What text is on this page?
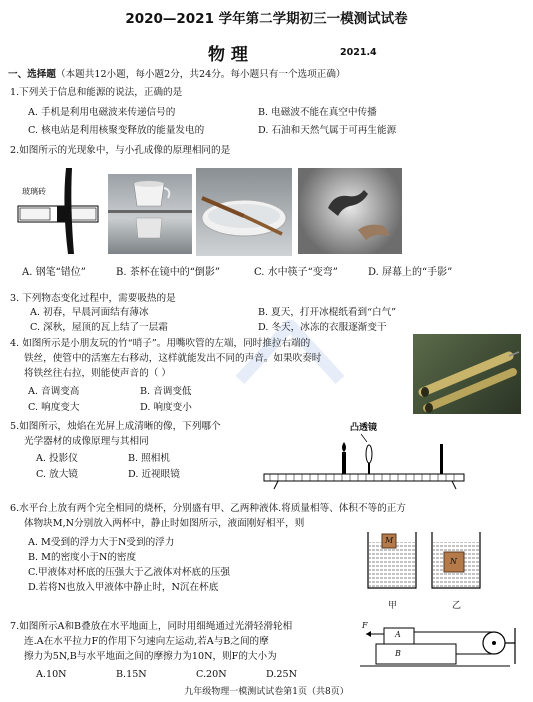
2020—2021 学年第二学期初三一模测试试卷
物 理	2021.4
一、选择题（本题共12小题，每小题2分，共24分。每小题只有一个选项正确）
1.下列关于信息和能源的说法，正确的是
A. 手机是利用电磁波来传递信号的	B. 电磁波不能在真空中传播
C. 核电站是利用核聚变释放的能量发电的	D. 石油和天然气属于可再生能源
2.如图所示的光现象中，与小孔成像的原理相同的是
玻璃砖
A. 钢笔“错位”	B. 茶杯在镜中的“倒影”	C. 水中筷子“变弯”	D. 屏幕上的“手影”
3. 下列物态变化过程中，需要吸热的是
A. 初春，早晨河面结有薄冰	B. 夏天，打开冰棍纸看到“白气”
C. 深秋，屋顶的瓦上结了一层霜	D. 冬天，冰冻的衣服逐渐变干
4. 如图所示是小朋友玩的竹“哨子”。用嘴吹管的左端，同时推拉右端的
铁丝，使管中的活塞左右移动，这样就能发出不同的声音。如果吹奏时
将铁丝往右拉，则能使声音的（ ）
A. 音调变高	B. 音调变低
C. 响度变大	D. 响度变小
5.如图所示，烛焰在光屏上成清晰的像，下列哪个
光学器材的成像原理与其相同
A. 投影仪	B. 照相机
C. 放大镜	D. 近视眼镜
凸透镜
6.水平台上放有两个完全相同的烧杯，分别盛有甲、乙两种液体.将质量相等、体积不等的正方
体物块M,N分别放入两杯中，静止时如图所示，液面刚好相平，则
A. M受到的浮力大于N受到的浮力
B. M的密度小于N的密度
C.甲液体对杯底的压强大于乙液体对杯底的压强
D.若将N也放入甲液体中静止时，N沉在杯底
M
N
甲	乙
7.如图所示A和B叠放在水平地面上，同时用细绳通过光滑轻滑轮相
连.A在水平拉力F的作用下匀速向左运动,若A与B之间的摩
擦力为5N,B与水平地面之间的摩擦力为10N，则F的大小为
A.10N	B.15N	C.20N	D.25N
F
A
B
九年级物理一模测试试卷第1页（共8页）
